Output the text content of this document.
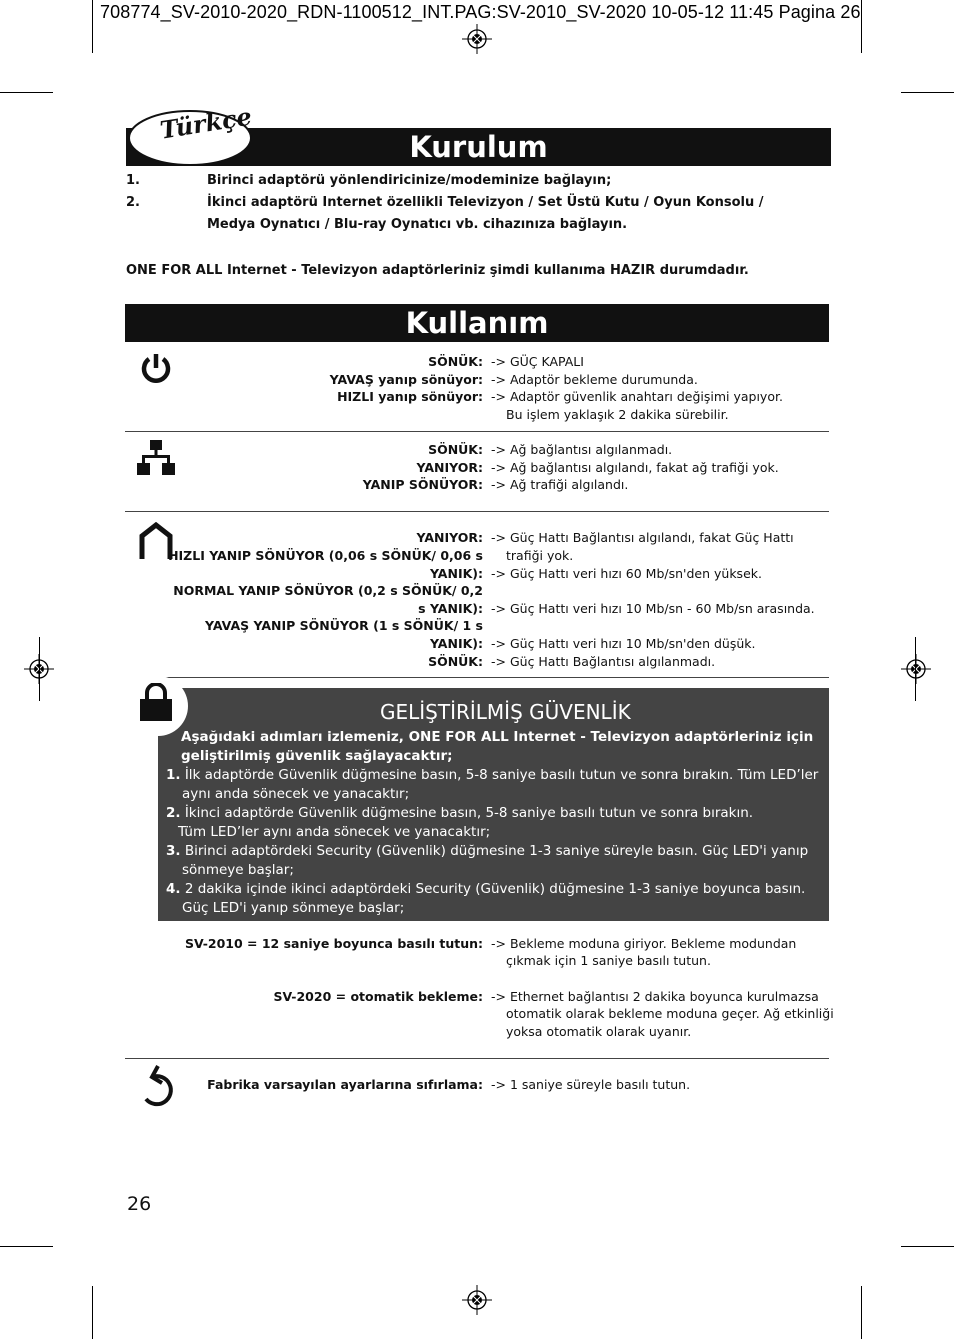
708774_SV-2010-2020_RDN-1100512_INT.PAG:SV-2010_SV-2020 10-05-12 11:45 Pagina 26
Kurulum
Türkçe
1.	Birinci adaptörü yönlendiricinize/modeminize bağlayın;
2.	İkinci adaptörü Internet özellikli Televizyon / Set Üstü Kutu / Oyun Konsolu /
Medya Oynatıcı / Blu-ray Oynatıcı vb. cihazınıza bağlayın.
ONE FOR ALL Internet - Televizyon adaptörleriniz şimdi kullanıma HAZIR durumdadır.
Kullanım
SÖNÜK: -> GÜÇ KAPALI
YAVAŞ yanıp sönüyor: -> Adaptör bekleme durumunda.
HIZLI yanıp sönüyor: -> Adaptör güvenlik anahtarı değişimi yapıyor.
Bu işlem yaklaşık 2 dakika sürebilir.
SÖNÜK: -> Ağ bağlantısı algılanmadı.
YANIYOR: -> Ağ bağlantısı algılandı, fakat ağ trafiği yok.
YANIP SÖNÜYOR: -> Ağ trafiği algılandı.
YANIYOR:
HIZLI YANIP SÖNÜYOR (0,06 s SÖNÜK/ 0,06 s
YANIK):
NORMAL YANIP SÖNÜYOR (0,2 s SÖNÜK/ 0,2
s YANIK):
YAVAŞ YANIP SÖNÜYOR (1 s SÖNÜK/ 1 s
YANIK):
SÖNÜK:
-> Güç Hattı Bağlantısı algılandı, fakat Güç Hattı
trafiği yok.
-> Güç Hattı veri hızı 60 Mb/sn'den yüksek.
-> Güç Hattı veri hızı 10 Mb/sn - 60 Mb/sn arasında.
-> Güç Hattı veri hızı 10 Mb/sn'den düşük.
-> Güç Hattı Bağlantısı algılanmadı.
GELİŞTİRİLMİŞ GÜVENLİK
Aşağıdaki adımları izlemeniz, ONE FOR ALL Internet - Televizyon adaptörleriniz için
geliştirilmiş güvenlik sağlayacaktır;
1. İlk adaptörde Güvenlik düğmesine basın, 5-8 saniye basılı tutun ve sonra bırakın. Tüm LED’ler
aynı anda sönecek ve yanacaktır;
2. İkinci adaptörde Güvenlik düğmesine basın, 5-8 saniye basılı tutun ve sonra bırakın.
Tüm LED’ler aynı anda sönecek ve yanacaktır;
3. Birinci adaptördeki Security (Güvenlik) düğmesine 1-3 saniye süreyle basın. Güç LED'i yanıp
sönmeye başlar;
4. 2 dakika içinde ikinci adaptördeki Security (Güvenlik) düğmesine 1-3 saniye boyunca basın.
Güç LED'i yanıp sönmeye başlar;
SV-2010 = 12 saniye boyunca basılı tutun: -> Bekleme moduna giriyor. Bekleme modundan
çıkmak için 1 saniye basılı tutun.
SV-2020 = otomatik bekleme: -> Ethernet bağlantısı 2 dakika boyunca kurulmazsa
otomatik olarak bekleme moduna geçer. Ağ etkinliği
yoksa otomatik olarak uyanır.
Fabrika varsayılan ayarlarına sıfırlama: -> 1 saniye süreyle basılı tutun.
26
